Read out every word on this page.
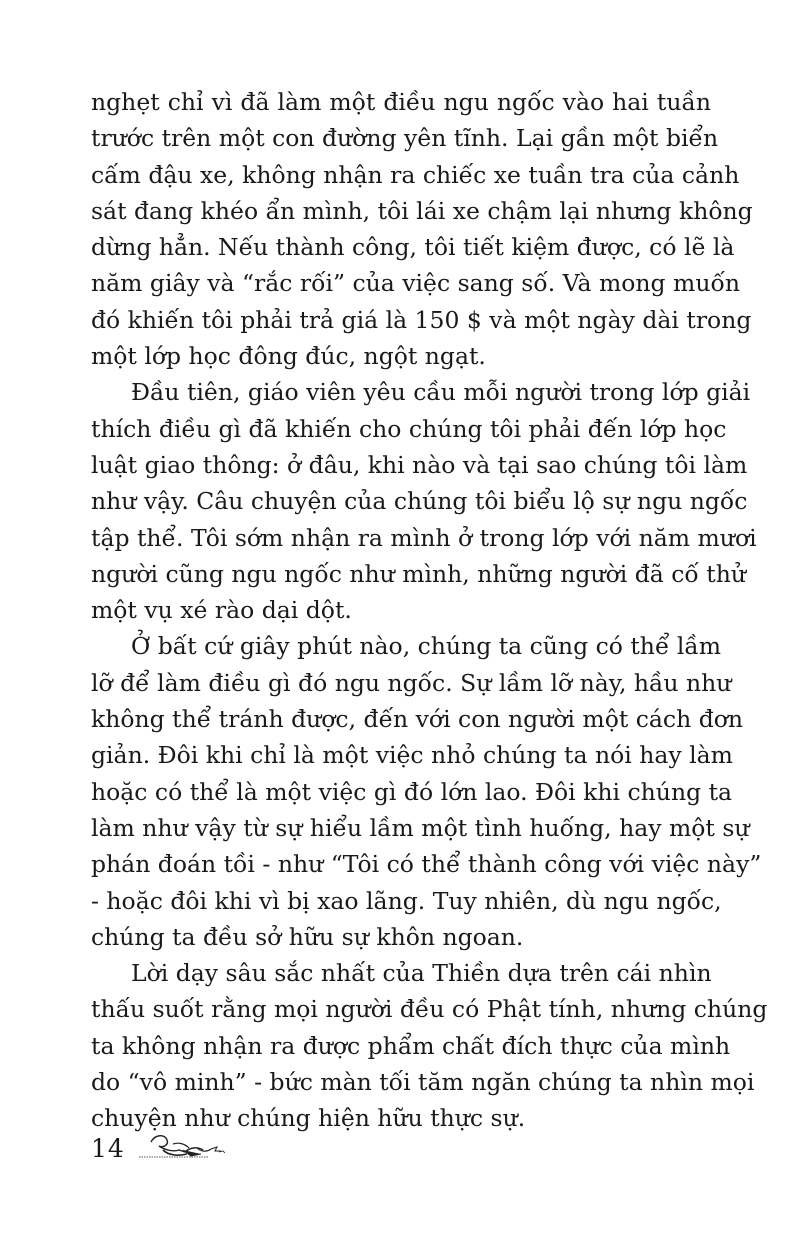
nghẹt chỉ vì đã làm một điều ngu ngốc vào hai tuần
trước trên một con đường yên tĩnh. Lại gần một biển
cấm đậu xe, không nhận ra chiếc xe tuần tra của cảnh
sát đang khéo ẩn mình, tôi lái xe chậm lại nhưng không
dừng hẳn. Nếu thành công, tôi tiết kiệm được, có lẽ là
năm giây và “rắc rối” của việc sang số. Và mong muốn
đó khiến tôi phải trả giá là 150 $ và một ngày dài trong
một lớp học đông đúc, ngột ngạt.

Đầu tiên, giáo viên yêu cầu mỗi người trong lớp giải
thích điều gì đã khiến cho chúng tôi phải đến lớp học
luật giao thông: ở đâu, khi nào và tại sao chúng tôi làm
như vậy. Câu chuyện của chúng tôi biểu lộ sự ngu ngốc
tập thể. Tôi sớm nhận ra mình ở trong lớp với năm mươi
người cũng ngu ngốc như mình, những người đã cố thử
một vụ xé rào dại dột.

Ở bất cứ giây phút nào, chúng ta cũng có thể lầm
lỡ để làm điều gì đó ngu ngốc. Sự lầm lỡ này, hầu như
không thể tránh được, đến với con người một cách đơn
giản. Đôi khi chỉ là một việc nhỏ chúng ta nói hay làm
hoặc có thể là một việc gì đó lớn lao. Đôi khi chúng ta
làm như vậy từ sự hiểu lầm một tình huống, hay một sự
phán đoán tồi - như “Tôi có thể thành công với việc này”
- hoặc đôi khi vì bị xao lãng. Tuy nhiên, dù ngu ngốc,
chúng ta đều sở hữu sự khôn ngoan.

Lời dạy sâu sắc nhất của Thiền dựa trên cái nhìn
thấu suốt rằng mọi người đều có Phật tính, nhưng chúng
ta không nhận ra được phẩm chất đích thực của mình
do “vô minh” - bức màn tối tăm ngăn chúng ta nhìn mọi
chuyện như chúng hiện hữu thực sự.

14
